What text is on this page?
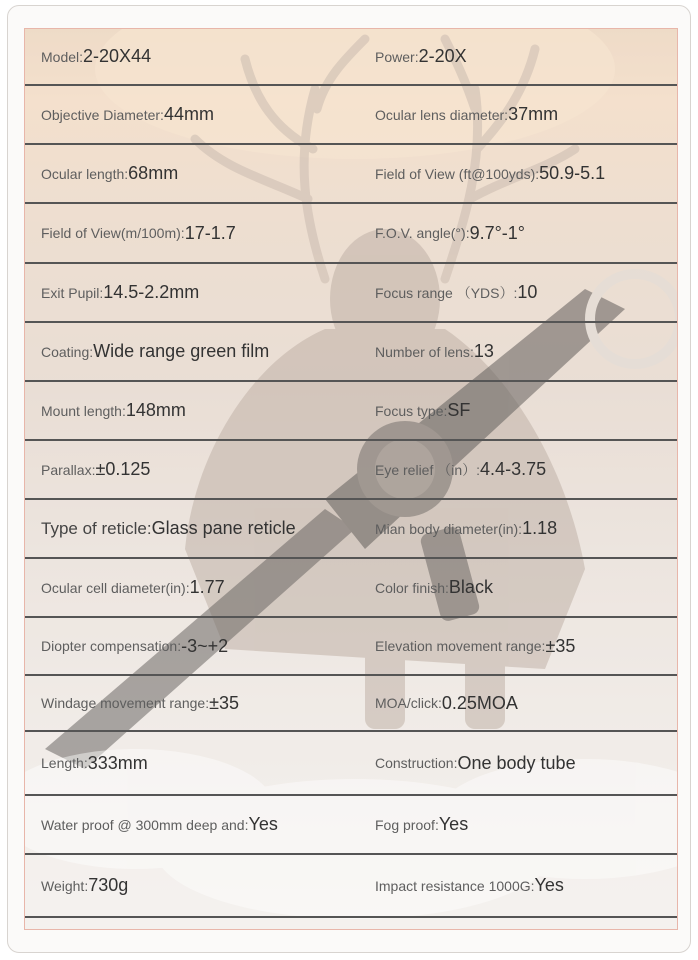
Model : 2-20X44	Power : 2-20X
Objective Diameter : 44mm	Ocular lens diameter : 37mm
Ocular length : 68mm	Field of View (ft@100yds) : 50.9-5.1
Field of View(m/100m) : 17-1.7	F.O.V. angle(°) : 9.7°-1°
Exit Pupil : 14.5-2.2mm	Focus range （YDS） : 10
Coating : Wide range green film	Number of lens : 13
Mount length : 148mm	Focus type : SF
Parallax : ±0.125	Eye relief （in） : 4.4-3.75
Type of reticle : Glass pane reticle	Mian body diameter(in) : 1.18
Ocular cell diameter(in) : 1.77	Color finish : Black
Diopter compensation : -3~+2	Elevation movement range : ±35
Windage movement range : ±35	MOA/click : 0.25MOA
Length : 333mm	Construction : One body tube
Water proof @ 300mm deep and : Yes	Fog proof : Yes
Weight : 730g	Impact resistance 1000G : Yes
